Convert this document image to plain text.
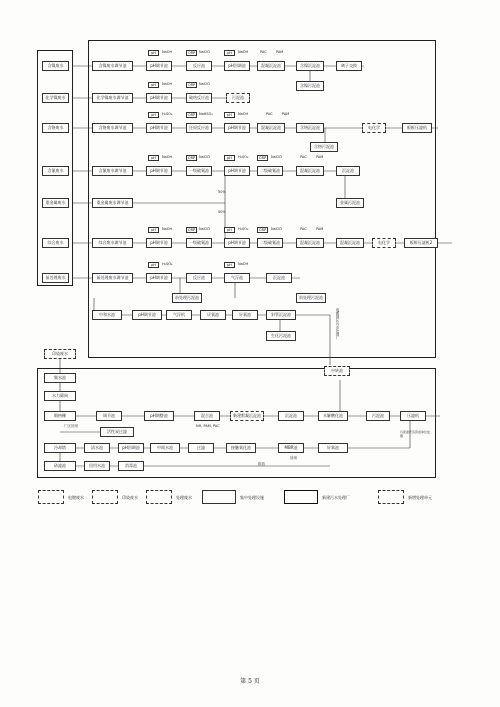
含镍废水
化学镍废水
含铬废水
含氰废水
重金属废水
综合废水
前处理废水
含镍废水调节池	pH调节池	反应池	pH回调池	混凝沉淀池	含镍沉淀池	离子交换
含镍污泥池
pH	NaOH	ORP	NaClO	pH	NaOH	PAC	PAM
化学镍废水调节池	pH调节池	破络反应池	污泥池
pH	NaOH	ORP	NaClO
含铬废水调节池	pH调节池	还原反应池	pH调节池	混凝沉淀池	含铬沉淀池	电化学	板框压滤机
含铬污泥池
pH	H₂SO₄	ORP	NaHSO₃	pH	NaOH	PAC	PAM
含氰废水调节池	pH调节池	一级破氰池	pH调节池	二级破氰池	混凝沉淀池	沉淀池
pH	NaOH	ORP	NaClO	pH	H₂SO₄	ORP	NaClO	PAC	PAM
重金属废水调节池	金属污泥池
50%
50%
综合废水调节池	pH调节池	一级破氰池	pH调节池	二级破氰池	混凝沉淀池	混凝沉淀池	电化学	板框压滤机2
pH	NaOH	ORP	NaClO	pH	H₂SO₄	ORP	NaClO	PAC	PAM
前处理废水调节池	pH调节池	反应池	气浮池	沉淀池
前处理污泥池	前处理污泥池
pH	H₂SO₄	pH	NaOH
中和水池	pH调节池	气浮机	厌氧池	好氧池	斜管沉淀池
生化污泥池	电镀园区污水处理厂
印染废水
集水池
水力筛网
细格栅	调节池	pH调整池	混合池	新建絮凝沉淀池	沉淀池	水解酸化池	污泥池	压滤机
中转池
厂区回用
活性炭过滤
NH, PAM, PAC
污泥委托有资质单位处理
冷却塔	清水池	pH回调池	中间水池	过滤	接触氧化池	MBR池	好氧池
砂滤池	回用水池	消毒池	排放
回用
电镀废水	印染废水	处理废水	集中处理设施	新建污水处理厂	新增处理单元
第 5 页
